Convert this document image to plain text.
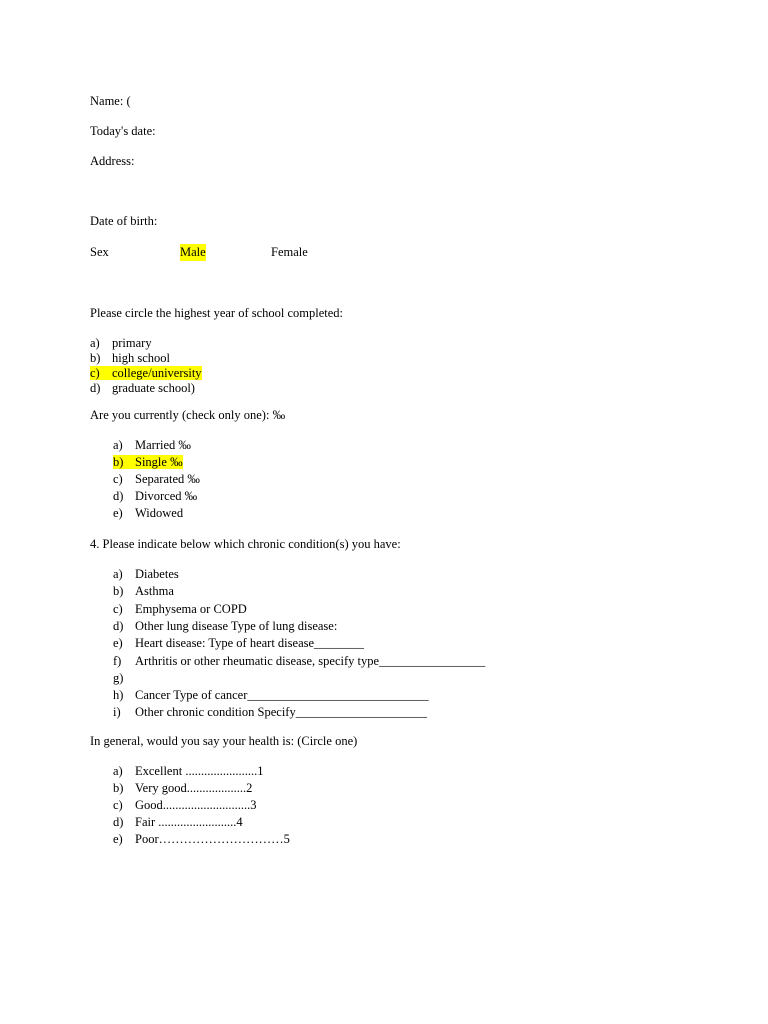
Name: (
Today's date:
Address:
Date of birth:
Sex	Male	Female
Please circle the highest year of school completed:
a) primary
b) high school
c) college/university
d) graduate school)
Are you currently (check only one): ‰
a) Married ‰
b) Single ‰
c) Separated ‰
d) Divorced ‰
e) Widowed
4. Please indicate below which chronic condition(s) you have:
a) Diabetes
b) Asthma
c) Emphysema or COPD
d) Other lung disease Type of lung disease:
e) Heart disease: Type of heart disease________
f) Arthritis or other rheumatic disease, specify type_________________
g)
h) Cancer Type of cancer_____________________________
i) Other chronic condition Specify_____________________
In general, would you say your health is: (Circle one)
a) Excellent .......................1
b) Very good...................2
c) Good............................3
d) Fair .........................4
e) Poor…………………………5
